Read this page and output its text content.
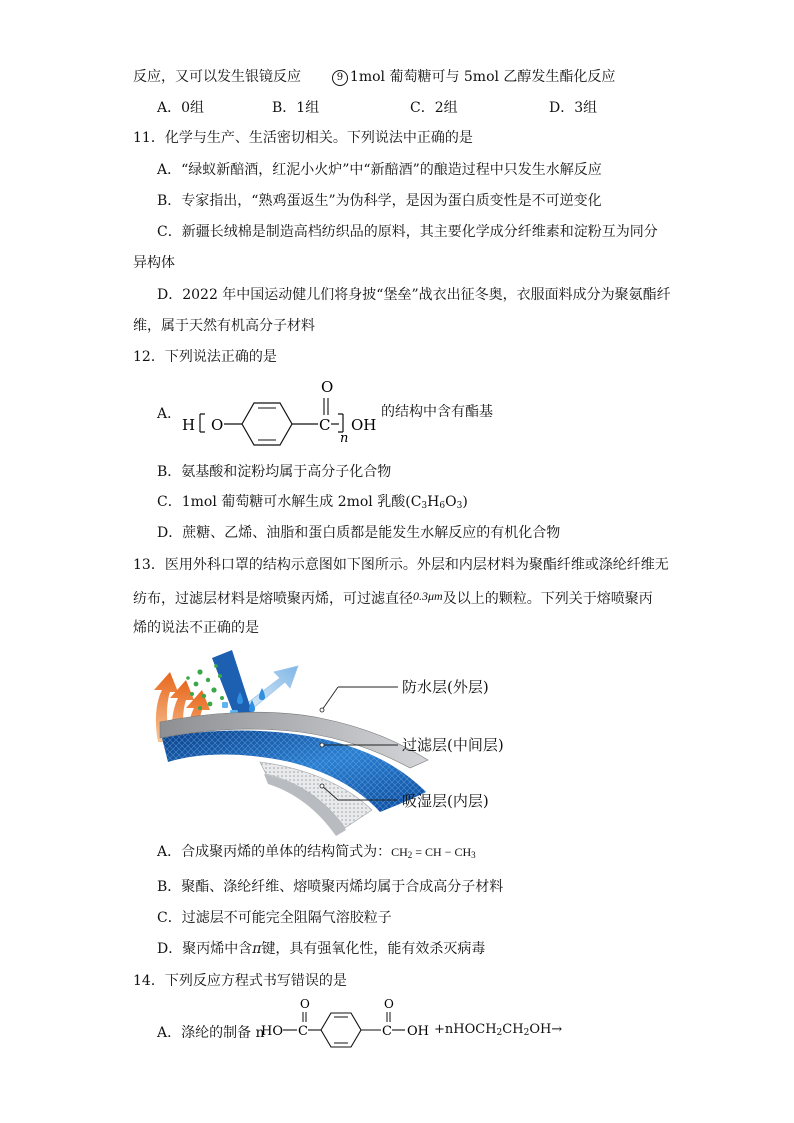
反应，又可以发生银镜反应	9 1mol 葡萄糖可与 5mol 乙醇发生酯化反应
A．0组	B．1组	C．2组	D．3组
11．化学与生产、生活密切相关。下列说法中正确的是
A．“绿蚁新醅酒，红泥小火炉”中“新醅酒”的酿造过程中只发生水解反应
B．专家指出，“熟鸡蛋返生”为伪科学，是因为蛋白质变性是不可逆变化
C．新疆长绒棉是制造高档纺织品的原料，其主要化学成分纤维素和淀粉互为同分
异构体
D．2022 年中国运动健儿们将身披“堡垒”战衣出征冬奥，衣服面料成分为聚氨酯纤
维，属于天然有机高分子材料
12．下列说法正确的是
A．
H O	C
O
n
OH
的结构中含有酯基
B．氨基酸和淀粉均属于高分子化合物
C．1mol 葡萄糖可水解生成 2mol 乳酸$(C_3H_6O_3)$
D．蔗糖、乙烯、油脂和蛋白质都是能发生水解反应的有机化合物
13．医用外科口罩的结构示意图如下图所示。外层和内层材料为聚酯纤维或涤纶纤维无
纺布，过滤层材料是熔喷聚丙烯，可过滤直径0.3μm及以上的颗粒。下列关于熔喷聚丙
烯的说法不正确的是
防水层(外层)
过滤层(中间层)
吸湿层(内层)
A．合成聚丙烯的单体的结构简式为：$CH_2$ = CH − $CH_3$
B．聚酯、涤纶纤维、熔喷聚丙烯均属于合成高分子材料
C．过滤层不可能完全阻隔气溶胶粒子
D．聚丙烯中含π键，具有强氧化性，能有效杀灭病毒
14．下列反应方程式书写错误的是
A．涤纶的制备 n
HO C
O
C
O
OH $+nHOCH_2CH_2OH\to$
